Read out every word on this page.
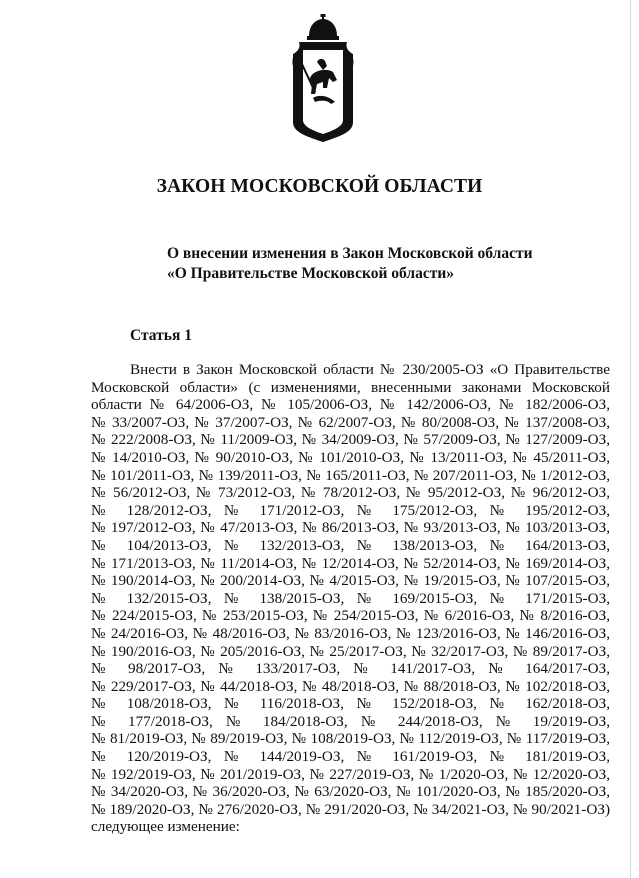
ЗАКОН МОСКОВСКОЙ ОБЛАСТИ
О внесении изменения в Закон Московской области
«О Правительстве Московской области»
Статья 1
Внести в Закон Московской области № 230/2005-ОЗ «О Правительстве
Московской области» (с изменениями, внесенными законами Московской
области № 64/2006-ОЗ, № 105/2006-ОЗ, № 142/2006-ОЗ, № 182/2006-ОЗ,
№ 33/2007-ОЗ, № 37/2007-ОЗ, № 62/2007-ОЗ, № 80/2008-ОЗ, № 137/2008-ОЗ,
№ 222/2008-ОЗ, № 11/2009-ОЗ, № 34/2009-ОЗ, № 57/2009-ОЗ, № 127/2009-ОЗ,
№ 14/2010-ОЗ, № 90/2010-ОЗ, № 101/2010-ОЗ, № 13/2011-ОЗ, № 45/2011-ОЗ,
№ 101/2011-ОЗ, № 139/2011-ОЗ, № 165/2011-ОЗ, № 207/2011-ОЗ, № 1/2012-ОЗ,
№ 56/2012-ОЗ, № 73/2012-ОЗ, № 78/2012-ОЗ, № 95/2012-ОЗ, № 96/2012-ОЗ,
№ 128/2012-ОЗ, № 171/2012-ОЗ, № 175/2012-ОЗ, № 195/2012-ОЗ,
№ 197/2012-ОЗ, № 47/2013-ОЗ, № 86/2013-ОЗ, № 93/2013-ОЗ, № 103/2013-ОЗ,
№ 104/2013-ОЗ, № 132/2013-ОЗ, № 138/2013-ОЗ, № 164/2013-ОЗ,
№ 171/2013-ОЗ, № 11/2014-ОЗ, № 12/2014-ОЗ, № 52/2014-ОЗ, № 169/2014-ОЗ,
№ 190/2014-ОЗ, № 200/2014-ОЗ, № 4/2015-ОЗ, № 19/2015-ОЗ, № 107/2015-ОЗ,
№ 132/2015-ОЗ, № 138/2015-ОЗ, № 169/2015-ОЗ, № 171/2015-ОЗ,
№ 224/2015-ОЗ, № 253/2015-ОЗ, № 254/2015-ОЗ, № 6/2016-ОЗ, № 8/2016-ОЗ,
№ 24/2016-ОЗ, № 48/2016-ОЗ, № 83/2016-ОЗ, № 123/2016-ОЗ, № 146/2016-ОЗ,
№ 190/2016-ОЗ, № 205/2016-ОЗ, № 25/2017-ОЗ, № 32/2017-ОЗ, № 89/2017-ОЗ,
№ 98/2017-ОЗ, № 133/2017-ОЗ, № 141/2017-ОЗ, № 164/2017-ОЗ,
№ 229/2017-ОЗ, № 44/2018-ОЗ, № 48/2018-ОЗ, № 88/2018-ОЗ, № 102/2018-ОЗ,
№ 108/2018-ОЗ, № 116/2018-ОЗ, № 152/2018-ОЗ, № 162/2018-ОЗ,
№ 177/2018-ОЗ, № 184/2018-ОЗ, № 244/2018-ОЗ, № 19/2019-ОЗ,
№ 81/2019-ОЗ, № 89/2019-ОЗ, № 108/2019-ОЗ, № 112/2019-ОЗ, № 117/2019-ОЗ,
№ 120/2019-ОЗ, № 144/2019-ОЗ, № 161/2019-ОЗ, № 181/2019-ОЗ,
№ 192/2019-ОЗ, № 201/2019-ОЗ, № 227/2019-ОЗ, № 1/2020-ОЗ, № 12/2020-ОЗ,
№ 34/2020-ОЗ, № 36/2020-ОЗ, № 63/2020-ОЗ, № 101/2020-ОЗ, № 185/2020-ОЗ,
№ 189/2020-ОЗ, № 276/2020-ОЗ, № 291/2020-ОЗ, № 34/2021-ОЗ, № 90/2021-ОЗ)
следующее изменение:
